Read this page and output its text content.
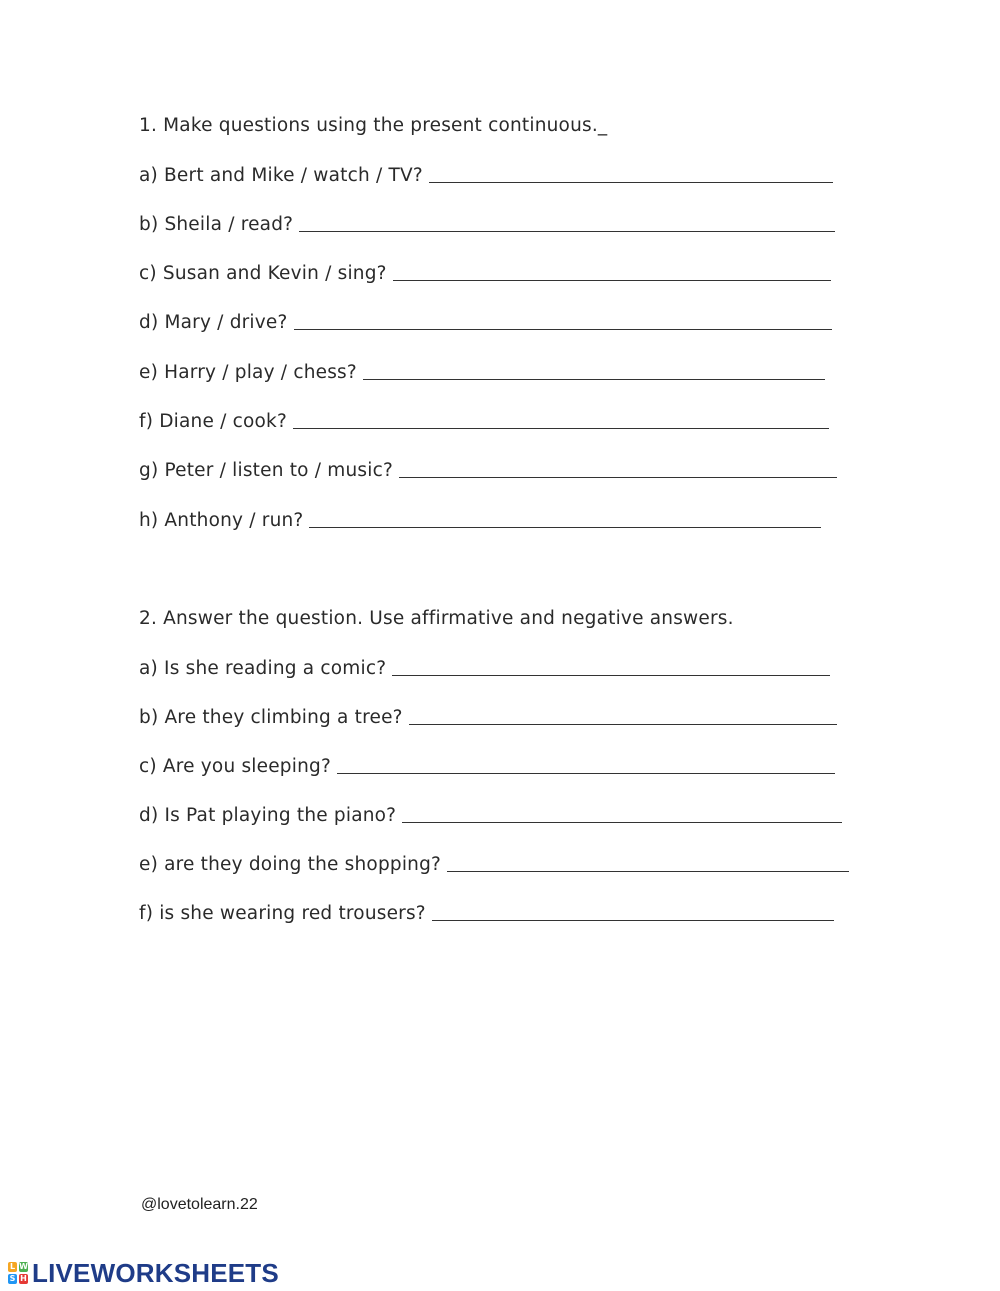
1. Make questions using the present continuous._
a) Bert and Mike / watch / TV?
b) Sheila / read?
c) Susan and Kevin / sing?
d) Mary / drive?
e) Harry / play / chess?
f) Diane / cook?
g) Peter / listen to / music?
h) Anthony / run?
2. Answer the question. Use affirmative and negative answers.
a) Is she reading a comic?
b) Are they climbing a tree?
c) Are you sleeping?
d) Is Pat playing the piano?
e) are they doing the shopping?
f) is she wearing red trousers?
@lovetolearn.22
L W
S H LIVEWORKSHEETS
